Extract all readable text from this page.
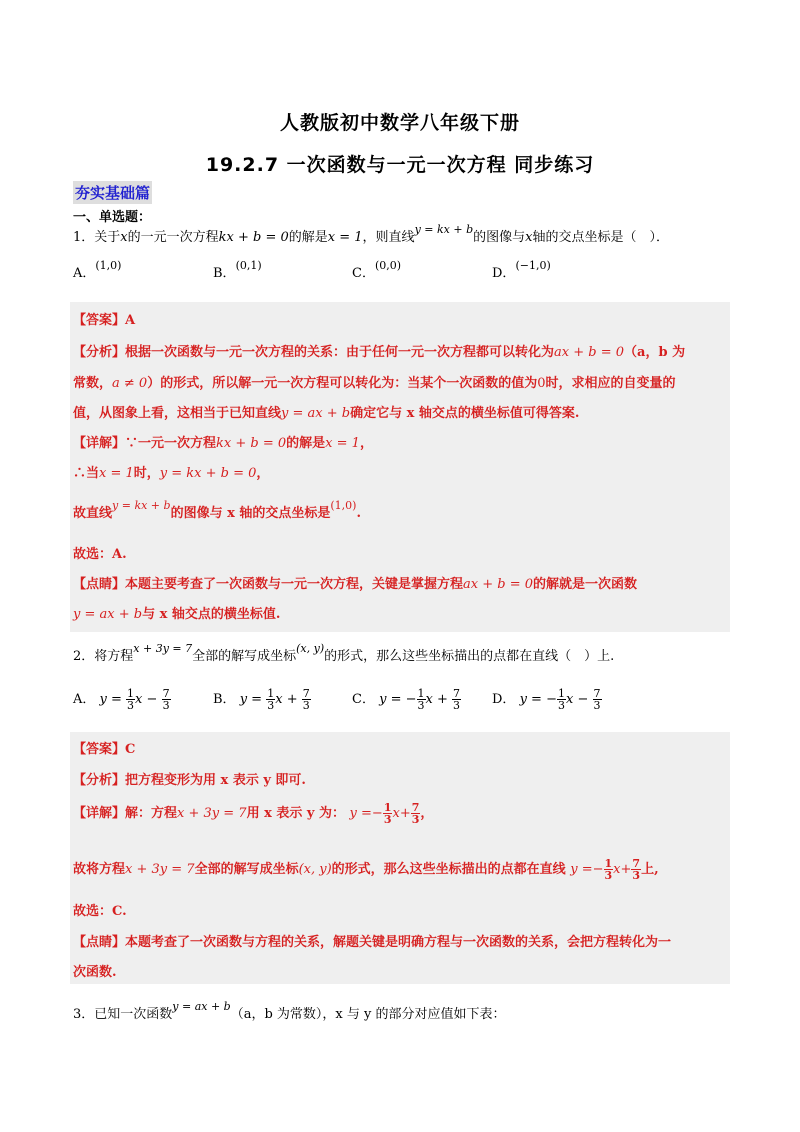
人教版初中数学八年级下册
19.2.7 一次函数与一元一次方程 同步练习
夯实基础篇
一、单选题：
1．关于x的一元一次方程kx + b = 0的解是x = 1，则直线$^{y = kx + b}$的图像与x轴的交点坐标是（　）．
A．$^{(1,0)}$
B．$^{(0,1)}$
C．$^{(0,0)}$
D．$^{(-1,0)}$
【答案】A
【分析】根据一次函数与一元一次方程的关系：由于任何一元一次方程都可以转化为ax + b = 0（a，b 为
常数，a ≠ 0）的形式，所以解一元一次方程可以转化为：当某个一次函数的值为0时，求相应的自变量的
值，从图象上看，这相当于已知直线y = ax + b确定它与 x 轴交点的横坐标值可得答案.
【详解】∵一元一次方程kx + b = 0的解是x = 1，
∴当x = 1时，y = kx + b = 0，
故直线$^{y = kx + b}$的图像与 x 轴的交点坐标是$^{(1,0)}$.
故选：A.
【点睛】本题主要考查了一次函数与一元一次方程，关键是掌握方程ax + b = 0的解就是一次函数
y = ax + b与 x 轴交点的横坐标值.
2．将方程$^{x + 3y = 7}$全部的解写成坐标$^{(x, y)}$的形式，那么这些坐标描出的点都在直线（　）上.
A． $y = \frac{1}{3}$ $x - \frac{7}{3}$	B． $y = \frac{1}{3}$ $x + \frac{7}{3}$	C． y = − $\frac{1}{3}$ $x + \frac{7}{3}$ D． y = − $\frac{1}{3}$ $x - \frac{7}{3}$
【答案】C
【分析】把方程变形为用 x 表示 y 即可.
【详解】解：方程x + 3y = 7用 x 表示 y 为： $y =- \frac{1}{3} x+ \frac{7}{3}$ ，
故将方程x + 3y = 7全部的解写成坐标(x, y)的形式，那么这些坐标描出的点都在直线 $y =- \frac{1}{3} x+ \frac{7}{3}$ 上,
故选：C.
【点睛】本题考查了一次函数与方程的关系，解题关键是明确方程与一次函数的关系，会把方程转化为一
次函数.
3．已知一次函数$^{y = ax + b}$（a，b 为常数），x 与 y 的部分对应值如下表：
